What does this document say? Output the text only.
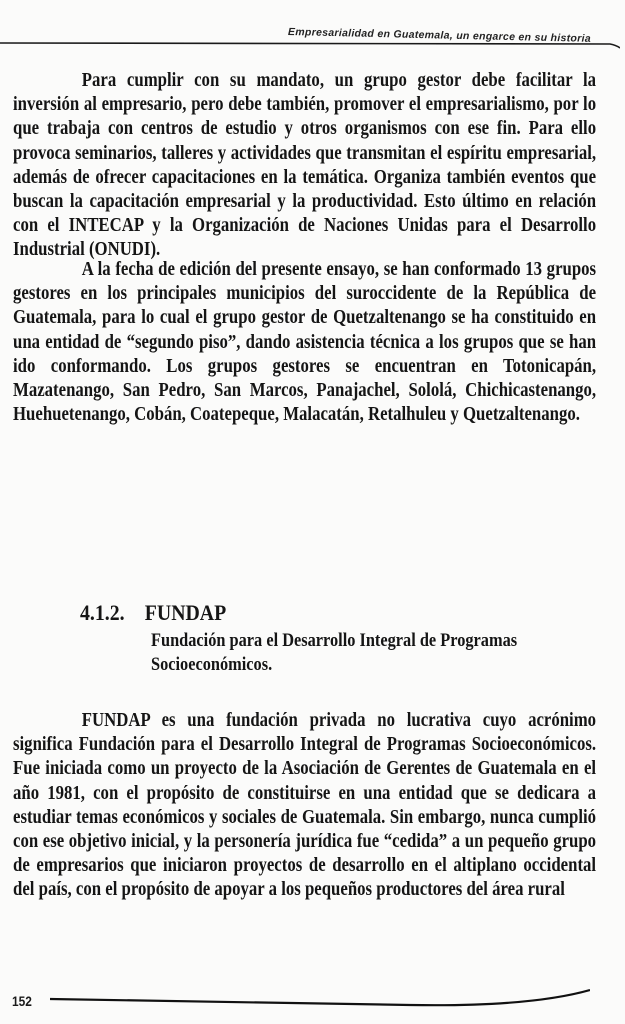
Empresarialidad en Guatemala, un engarce en su historia

Para cumplir con su mandato, un grupo gestor debe facilitar la inversión al empresario, pero debe también, promover el empresarialismo, por lo que trabaja con centros de estudio y otros organismos con ese fin. Para ello provoca seminarios, talleres y actividades que transmitan el espíritu empresarial, además de ofrecer capacitaciones en la temática. Organiza también eventos que buscan la capacitación empresarial y la productividad. Esto último en relación con el INTECAP y la Organización de Naciones Unidas para el Desarrollo Industrial (ONUDI).

A la fecha de edición del presente ensayo, se han conformado 13 grupos gestores en los principales municipios del suroccidente de la República de Guatemala, para lo cual el grupo gestor de Quetzaltenango se ha constituido en una entidad de “segundo piso”, dando asistencia técnica a los grupos que se han ido conformando. Los grupos gestores se encuentran en Totonicapán, Mazatenango, San Pedro, San Marcos, Panajachel, Sololá, Chichicastenango, Huehuetenango, Cobán, Coatepeque, Malacatán, Retalhuleu y Quetzaltenango.

4.1.2. FUNDAP
Fundación para el Desarrollo Integral de Programas Socioeconómicos.

FUNDAP es una fundación privada no lucrativa cuyo acrónimo significa Fundación para el Desarrollo Integral de Programas Socioeconómicos. Fue iniciada como un proyecto de la Asociación de Gerentes de Guatemala en el año 1981, con el propósito de constituirse en una entidad que se dedicara a estudiar temas económicos y sociales de Guatemala. Sin embargo, nunca cumplió con ese objetivo inicial, y la personería jurídica fue “cedida” a un pequeño grupo de empresarios que iniciaron proyectos de desarrollo en el altiplano occidental del país, con el propósito de apoyar a los pequeños productores del área rural

152
